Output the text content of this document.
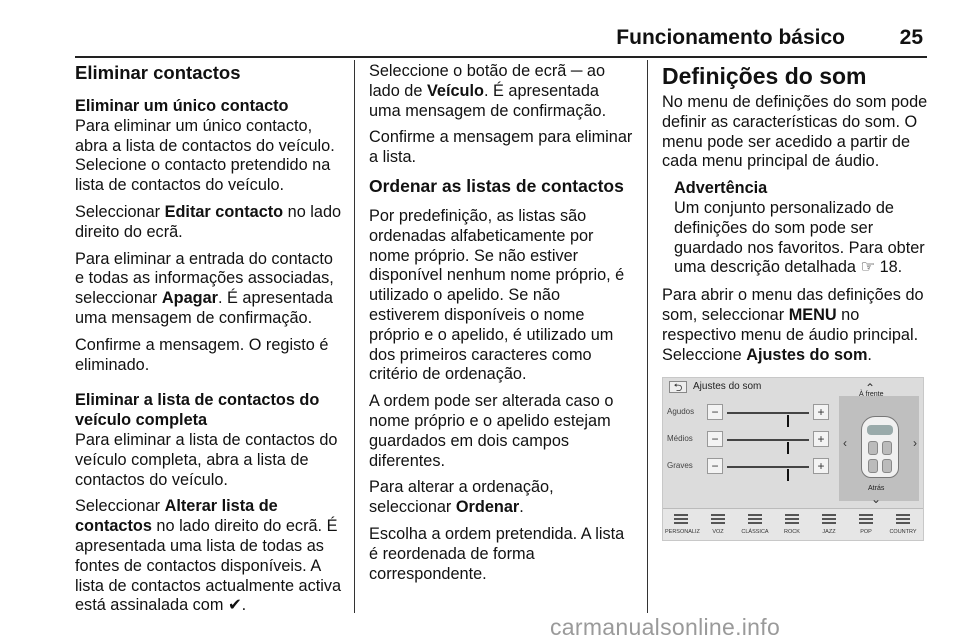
Funcionamento básico	25
Eliminar contactos
Eliminar um único contacto

Para eliminar um único contacto, abra a lista de contactos do veículo. Selecione o contacto pretendido na lista de contactos do veículo.

Seleccionar Editar contacto no lado direito do ecrã.

Para eliminar a entrada do contacto e todas as informações associadas, seleccionar Apagar. É apresentada uma mensagem de confirmação.

Confirme a mensagem. O registo é eliminado.

Eliminar a lista de contactos do veículo completa

Para eliminar a lista de contactos do veículo completa, abra a lista de contactos do veículo.

Seleccionar Alterar lista de contactos no lado direito do ecrã. É apresentada uma lista de todas as fontes de contactos disponíveis. A lista de contactos actualmente activa está assinalada com ✔.

Seleccione o botão de ecrã ─ ao lado de Veículo. É apresentada uma mensagem de confirmação.

Confirme a mensagem para eliminar a lista.

Ordenar as listas de contactos

Por predefinição, as listas são ordenadas alfabeticamente por nome próprio. Se não estiver disponível nenhum nome próprio, é utilizado o apelido. Se não estiverem disponíveis o nome próprio e o apelido, é utilizado um dos primeiros caracteres como critério de ordenação.

A ordem pode ser alterada caso o nome próprio e o apelido estejam guardados em dois campos diferentes.

Para alterar a ordenação, seleccionar Ordenar.

Escolha a ordem pretendida. A lista é reordenada de forma correspondente.

Definições do som

No menu de definições do som pode definir as características do som. O menu pode ser acedido a partir de cada menu principal de áudio.

Advertência
Um conjunto personalizado de definições do som pode ser guardado nos favoritos. Para obter uma descrição detalhada ☞ 18.

Para abrir o menu das definições do som, seleccionar MENU no respectivo menu de áudio principal. Seleccione Ajustes do som.

⮌	Ajustes do som
Agudos	−	+
Médios	−	+
Graves	−	+
⌃
À frente
‹	›
Atrás
⌄
PERSONALIZ	VOZ	CLÁSSICA	ROCK	JAZZ	POP	COUNTRY
carmanualsonline.info
